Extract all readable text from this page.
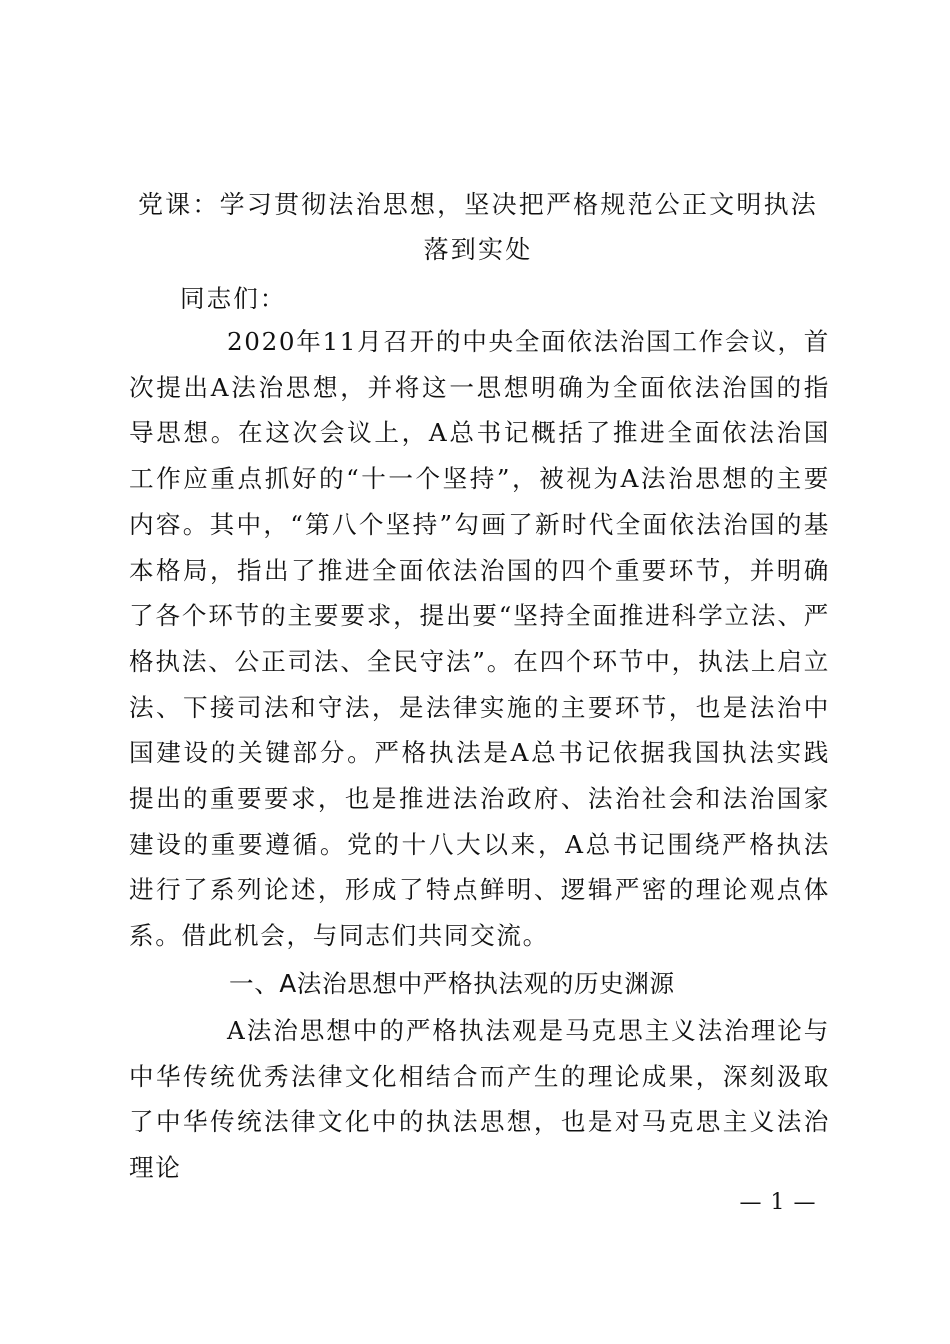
党课：学习贯彻法治思想，坚决把严格规范公正文明执法落到实处

同志们：

2020年11月召开的中央全面依法治国工作会议，首次提出A法治思想，并将这一思想明确为全面依法治国的指导思想。在这次会议上，A总书记概括了推进全面依法治国工作应重点抓好的“十一个坚持”，被视为A法治思想的主要内容。其中，“第八个坚持”勾画了新时代全面依法治国的基本格局，指出了推进全面依法治国的四个重要环节，并明确了各个环节的主要要求，提出要“坚持全面推进科学立法、严格执法、公正司法、全民守法”。在四个环节中，执法上启立法、下接司法和守法，是法律实施的主要环节，也是法治中国建设的关键部分。严格执法是A总书记依据我国执法实践提出的重要要求，也是推进法治政府、法治社会和法治国家建设的重要遵循。党的十八大以来，A总书记围绕严格执法进行了系列论述，形成了特点鲜明、逻辑严密的理论观点体系。借此机会，与同志们共同交流。

一、A法治思想中严格执法观的历史渊源

A法治思想中的严格执法观是马克思主义法治理论与中华传统优秀法律文化相结合而产生的理论成果，深刻汲取了中华传统法律文化中的执法思想，也是对马克思主义法治理论

— 1 —
